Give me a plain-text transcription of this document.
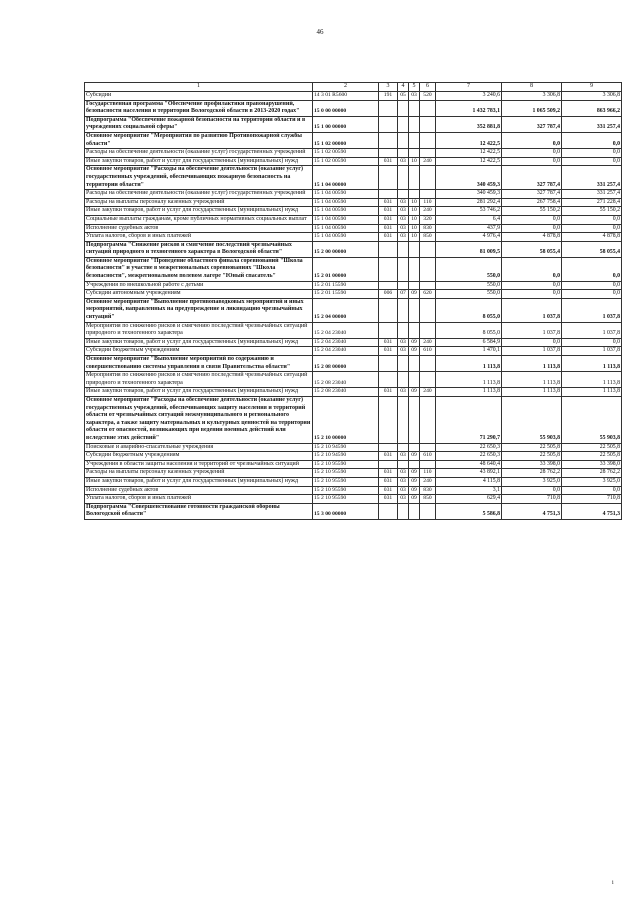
46
1	2	3	4	5	6	7	8	9
Субсидии	14 3 01 R5600	191	05	03	520	3 240,6	3 306,8	3 306,8
Государственная программа "Обеспечение профилактики правонарушений, безопасности населения и территории Вологодской области в 2013-2020 годах"	15 0 00 00000					1 432 783,1	1 065 509,2	863 966,2
Подпрограмма "Обеспечение пожарной безопасности на территории области и в учреждениях социальной сферы"	15 1 00 00000					352 881,8	327 787,4	331 257,4
Основное мероприятие "Мероприятия по развитию Противопожарной службы области"	15 1 02 00000					12 422,5	0,0	0,0
Расходы на обеспечение деятельности (оказание услуг) государственных учреждений	15 1 02 00590					12 422,5	0,0	0,0
Иные закупки товаров, работ и услуг для государственных (муниципальных) нужд	15 1 02 00590	031	03	10	240	12 422,5	0,0	0,0
Основное мероприятие "Расходы на обеспечение деятельности (оказание услуг) государственных учреждений, обеспечивающих пожарную безопасность на территории области"	15 1 04 00000					340 459,3	327 787,4	331 257,4
Расходы на обеспечение деятельности (оказание услуг) государственных учреждений	15 1 04 00590					340 459,3	327 787,4	331 257,4
Расходы на выплаты персоналу казенных учреждений	15 1 04 00590	031	03	10	110	281 292,4	267 758,4	271 228,4
Иные закупки товаров, работ и услуг для государственных (муниципальных) нужд	15 1 04 00590	031	03	10	240	53 746,2	55 150,2	55 150,2
Социальные выплаты гражданам, кроме публичных нормативных социальных выплат	15 1 04 00590	031	03	10	320	6,4	0,0	0,0
Исполнение судебных актов	15 1 04 00590	031	03	10	830	437,9	0,0	0,0
Уплата налогов, сборов и иных платежей	15 1 04 00590	031	03	10	850	4 976,4	4 878,8	4 878,8
Подпрограмма "Снижение рисков и смягчение последствий чрезвычайных ситуаций природного и техногенного характера в Вологодской области"	15 2 00 00000					81 009,5	58 055,4	58 055,4
Основное мероприятие "Проведение областного финала соревнований "Школа безопасности" и участие в межрегиональных соревнованиях "Школа безопасности", межрегиональном полевом лагере "Юный спасатель"	15 2 01 00000					550,0	0,0	0,0
Учреждения по внешкольной работе с детьми	15 2 01 15590					550,0	0,0	0,0
Субсидии автономным учреждениям	15 2 01 15590	006	07	09	620	550,0	0,0	0,0
Основное мероприятие "Выполнение противопаводковых мероприятий и иных мероприятий, направленных на предупреждение и ликвидацию чрезвычайных ситуаций"	15 2 04 00000					8 055,0	1 037,8	1 037,8
Мероприятия по снижению рисков и смягчению последствий чрезвычайных ситуаций природного и техногенного характера	15 2 04 23040					8 055,0	1 037,8	1 037,8
Иные закупки товаров, работ и услуг для государственных (муниципальных) нужд	15 2 04 23040	031	03	09	240	6 584,9	0,0	0,0
Субсидии бюджетным учреждениям	15 2 04 23040	031	03	09	610	1 470,1	1 037,8	1 037,8
Основное мероприятие "Выполнение мероприятий по содержанию и совершенствованию системы управления в связи Правительства области"	15 2 08 00000					1 113,8	1 113,8	1 113,8
Мероприятия по снижению рисков и смягчению последствий чрезвычайных ситуаций природного и техногенного характера	15 2 08 23040					1 113,8	1 113,8	1 113,8
Иные закупки товаров, работ и услуг для государственных (муниципальных) нужд	15 2 08 23040	031	03	09	240	1 113,8	1 113,8	1 113,8
Основное мероприятие "Расходы на обеспечение деятельности (оказание услуг) государственных учреждений, обеспечивающих защиту населения и территорий области от чрезвычайных ситуаций межмуниципального и регионального характера, а также защиту материальных и культурных ценностей на территории области от опасностей, возникающих при ведении военных действий или вследствие этих действий"	15 2 10 00000					71 290,7	55 903,8	55 903,8
Поисковые и аварийно-спасательные учреждения	15 2 10 94590					22 650,3	22 505,8	22 505,8
Субсидии бюджетным учреждениям	15 2 10 94590	031	03	09	610	22 650,3	22 505,8	22 505,8
Учреждения в области защиты населения и территорий от чрезвычайных ситуаций	15 2 10 95590					48 640,4	33 398,0	33 398,0
Расходы на выплаты персоналу казенных учреждений	15 2 10 95590	031	03	09	110	43 892,1	28 762,2	28 762,2
Иные закупки товаров, работ и услуг для государственных (муниципальных) нужд	15 2 10 95590	031	03	09	240	4 115,8	3 925,0	3 925,0
Исполнение судебных актов	15 2 10 95590	031	03	09	830	3,1	0,0	0,0
Уплата налогов, сборов и иных платежей	15 2 10 95590	031	03	09	850	629,4	710,8	710,8
Подпрограмма "Совершенствование готовности гражданской обороны Вологодской области"	15 3 00 00000					5 586,8	4 751,3	4 751,3
i
